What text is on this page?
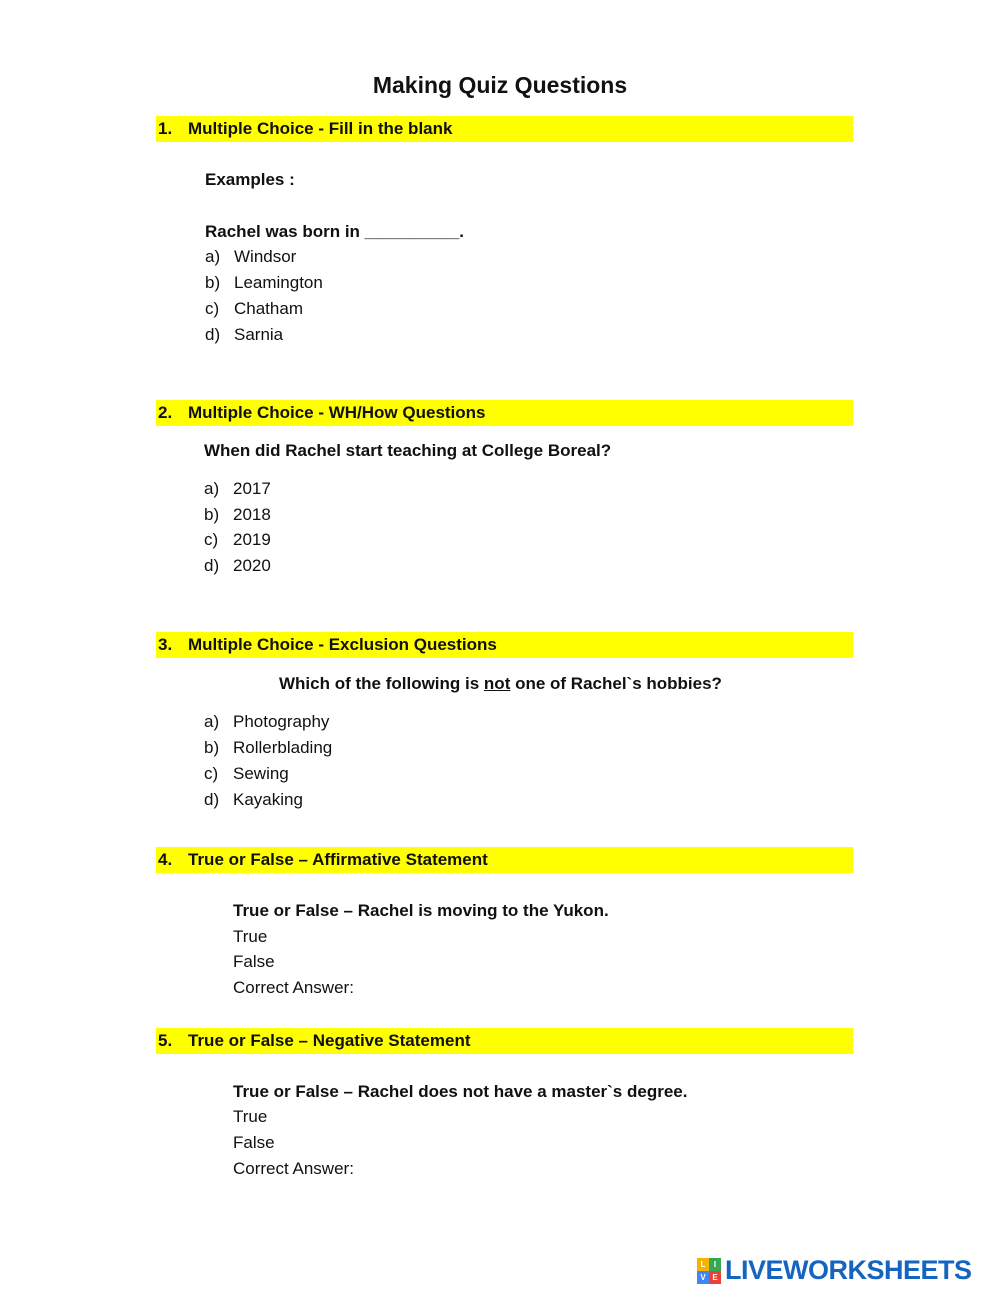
Making Quiz Questions
1. Multiple Choice - Fill in the blank
Examples :
Rachel was born in __________.
a) Windsor
b) Leamington
c) Chatham
d) Sarnia
2. Multiple Choice - WH/How Questions
When did Rachel start teaching at College Boreal?
a) 2017
b) 2018
c) 2019
d) 2020
3. Multiple Choice - Exclusion Questions
Which of the following is not one of Rachel`s hobbies?
a) Photography
b) Rollerblading
c) Sewing
d) Kayaking
4. True or False – Affirmative Statement
True or False – Rachel is moving to the Yukon.
True
False
Correct Answer:
5. True or False – Negative Statement
True or False – Rachel does not have a master`s degree.
True
False
Correct Answer:
L	I
V E LIVEWORKSHEETS
